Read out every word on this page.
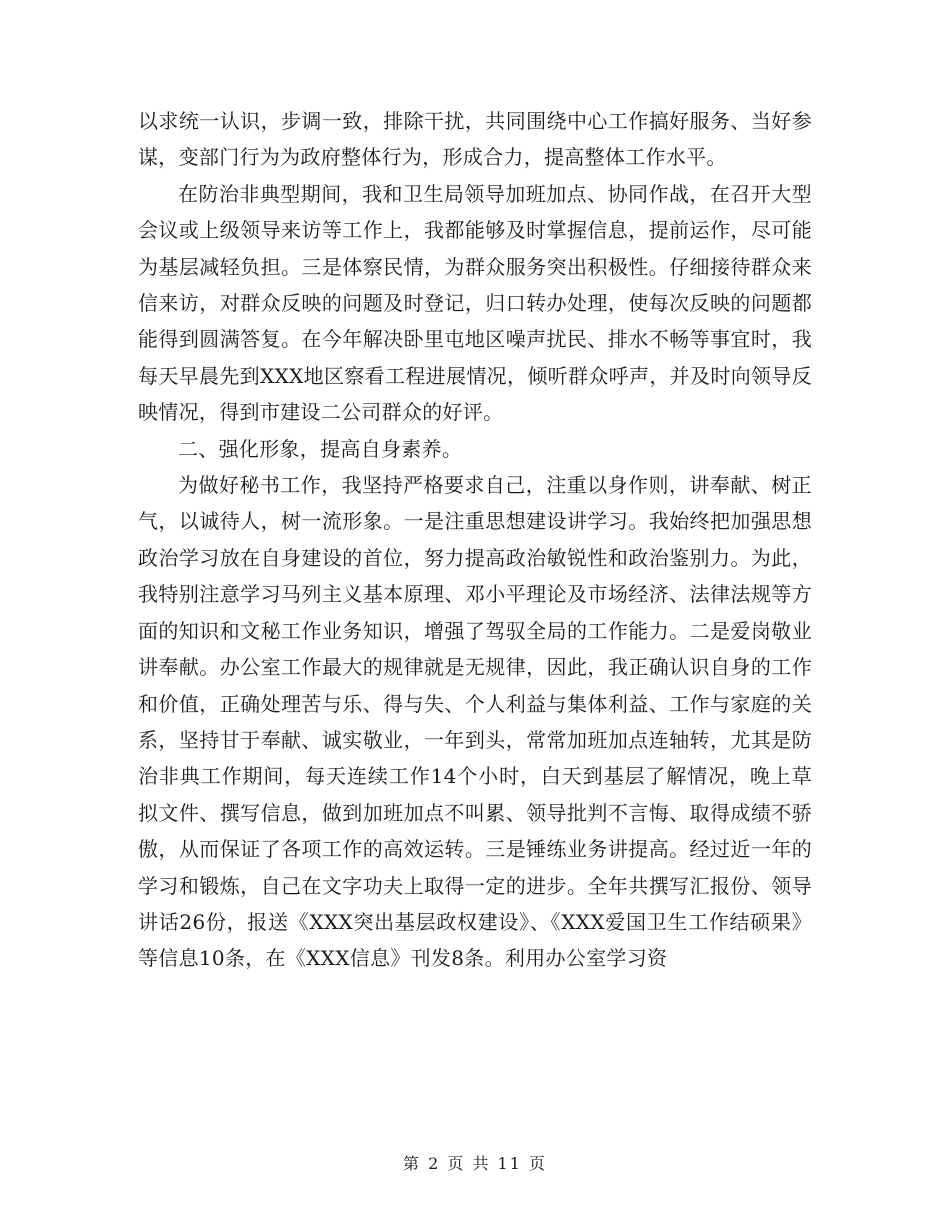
以求统一认识，步调一致，排除干扰，共同围绕中心工作搞好服务、当好参谋，变部门行为为政府整体行为，形成合力，提高整体工作水平。

在防治非典型期间，我和卫生局领导加班加点、协同作战，在召开大型会议或上级领导来访等工作上，我都能够及时掌握信息，提前运作，尽可能为基层减轻负担。三是体察民情，为群众服务突出积极性。仔细接待群众来信来访，对群众反映的问题及时登记，归口转办处理，使每次反映的问题都能得到圆满答复。在今年解决卧里屯地区噪声扰民、排水不畅等事宜时，我每天早晨先到XXX地区察看工程进展情况，倾听群众呼声，并及时向领导反映情况，得到市建设二公司群众的好评。

二、强化形象，提高自身素养。

为做好秘书工作，我坚持严格要求自己，注重以身作则，讲奉献、树正气，以诚待人，树一流形象。一是注重思想建设讲学习。我始终把加强思想政治学习放在自身建设的首位，努力提高政治敏锐性和政治鉴别力。为此，我特别注意学习马列主义基本原理、邓小平理论及市场经济、法律法规等方面的知识和文秘工作业务知识，增强了驾驭全局的工作能力。二是爱岗敬业讲奉献。办公室工作最大的规律就是无规律，因此，我正确认识自身的工作和价值，正确处理苦与乐、得与失、个人利益与集体利益、工作与家庭的关系，坚持甘于奉献、诚实敬业，一年到头，常常加班加点连轴转，尤其是防治非典工作期间，每天连续工作14个小时，白天到基层了解情况，晚上草拟文件、撰写信息，做到加班加点不叫累、领导批判不言悔、取得成绩不骄傲，从而保证了各项工作的高效运转。三是锤练业务讲提高。经过近一年的学习和锻炼，自己在文字功夫上取得一定的进步。全年共撰写汇报份、领导讲话26份，报送《XXX突出基层政权建设》、《XXX爱国卫生工作结硕果》等信息10条，在《XXX信息》刊发8条。利用办公室学习资

第 2 页 共 11 页
